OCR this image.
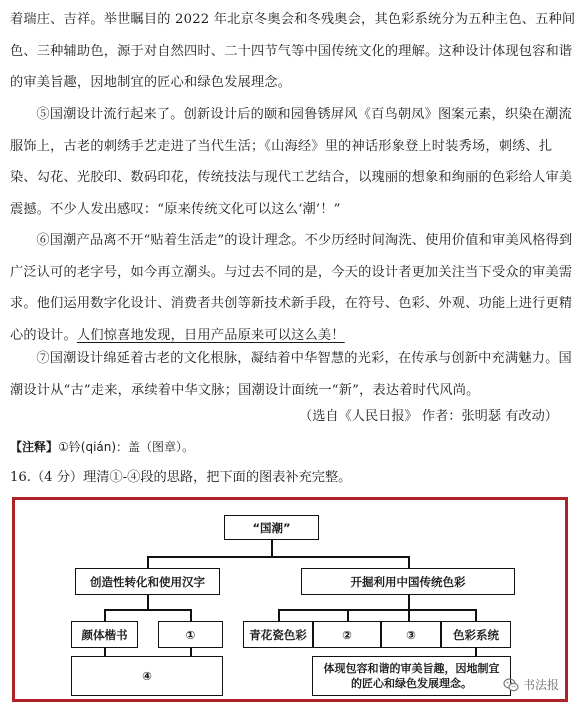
着瑞庄、吉祥。举世瞩目的 2022 年北京冬奥会和冬残奥会，其色彩系统分为五种主色、五种间色、三种辅助色，源于对自然四时、二十四节气等中国传统文化的理解。这种设计体现包容和谐的审美旨趣，因地制宜的匠心和绿色发展理念。

⑤国潮设计流行起来了。创新设计后的颐和园鲁锈屏风《百鸟朝凤》图案元素，织染在潮流服饰上，古老的刺绣手艺走进了当代生活；《山海经》里的神话形象登上时装秀场，刺绣、扎染、勾花、光胶印、数码印花，传统技法与现代工艺结合，以瑰丽的想象和绚丽的色彩给人审美震撼。不少人发出感叹：“原来传统文化可以这么‘潮’！”

⑥国潮产品离不开“贴着生活走”的设计理念。不少历经时间淘洗、使用价值和审美风格得到广泛认可的老字号，如今再立潮头。与过去不同的是，今天的设计者更加关注当下受众的审美需求。他们运用数字化设计、消费者共创等新技术新手段，在符号、色彩、外观、功能上进行更精心的设计。人们惊喜地发现，日用产品原来可以这么美！

⑦国潮设计绵延着古老的文化根脉，凝结着中华智慧的光彩，在传承与创新中充满魅力。国潮设计从“古”走来，承续着中华文脉；国潮设计面统一“新”，表达着时代风尚。

（选自《人民日报》 作者：张明瑟 有改动）
【注释】①钤(qián)：盖（图章）。
16.（4 分）理清①-④段的思路，把下面的图表补充完整。
“国潮”
创造性转化和使用汉字	开掘利用中国传统色彩
颜体楷书	①	青花瓷色彩	②	③	色彩系统
④
体现包容和谐的审美旨趣，因地制宜的匠心和绿色发展理念。	书法报
